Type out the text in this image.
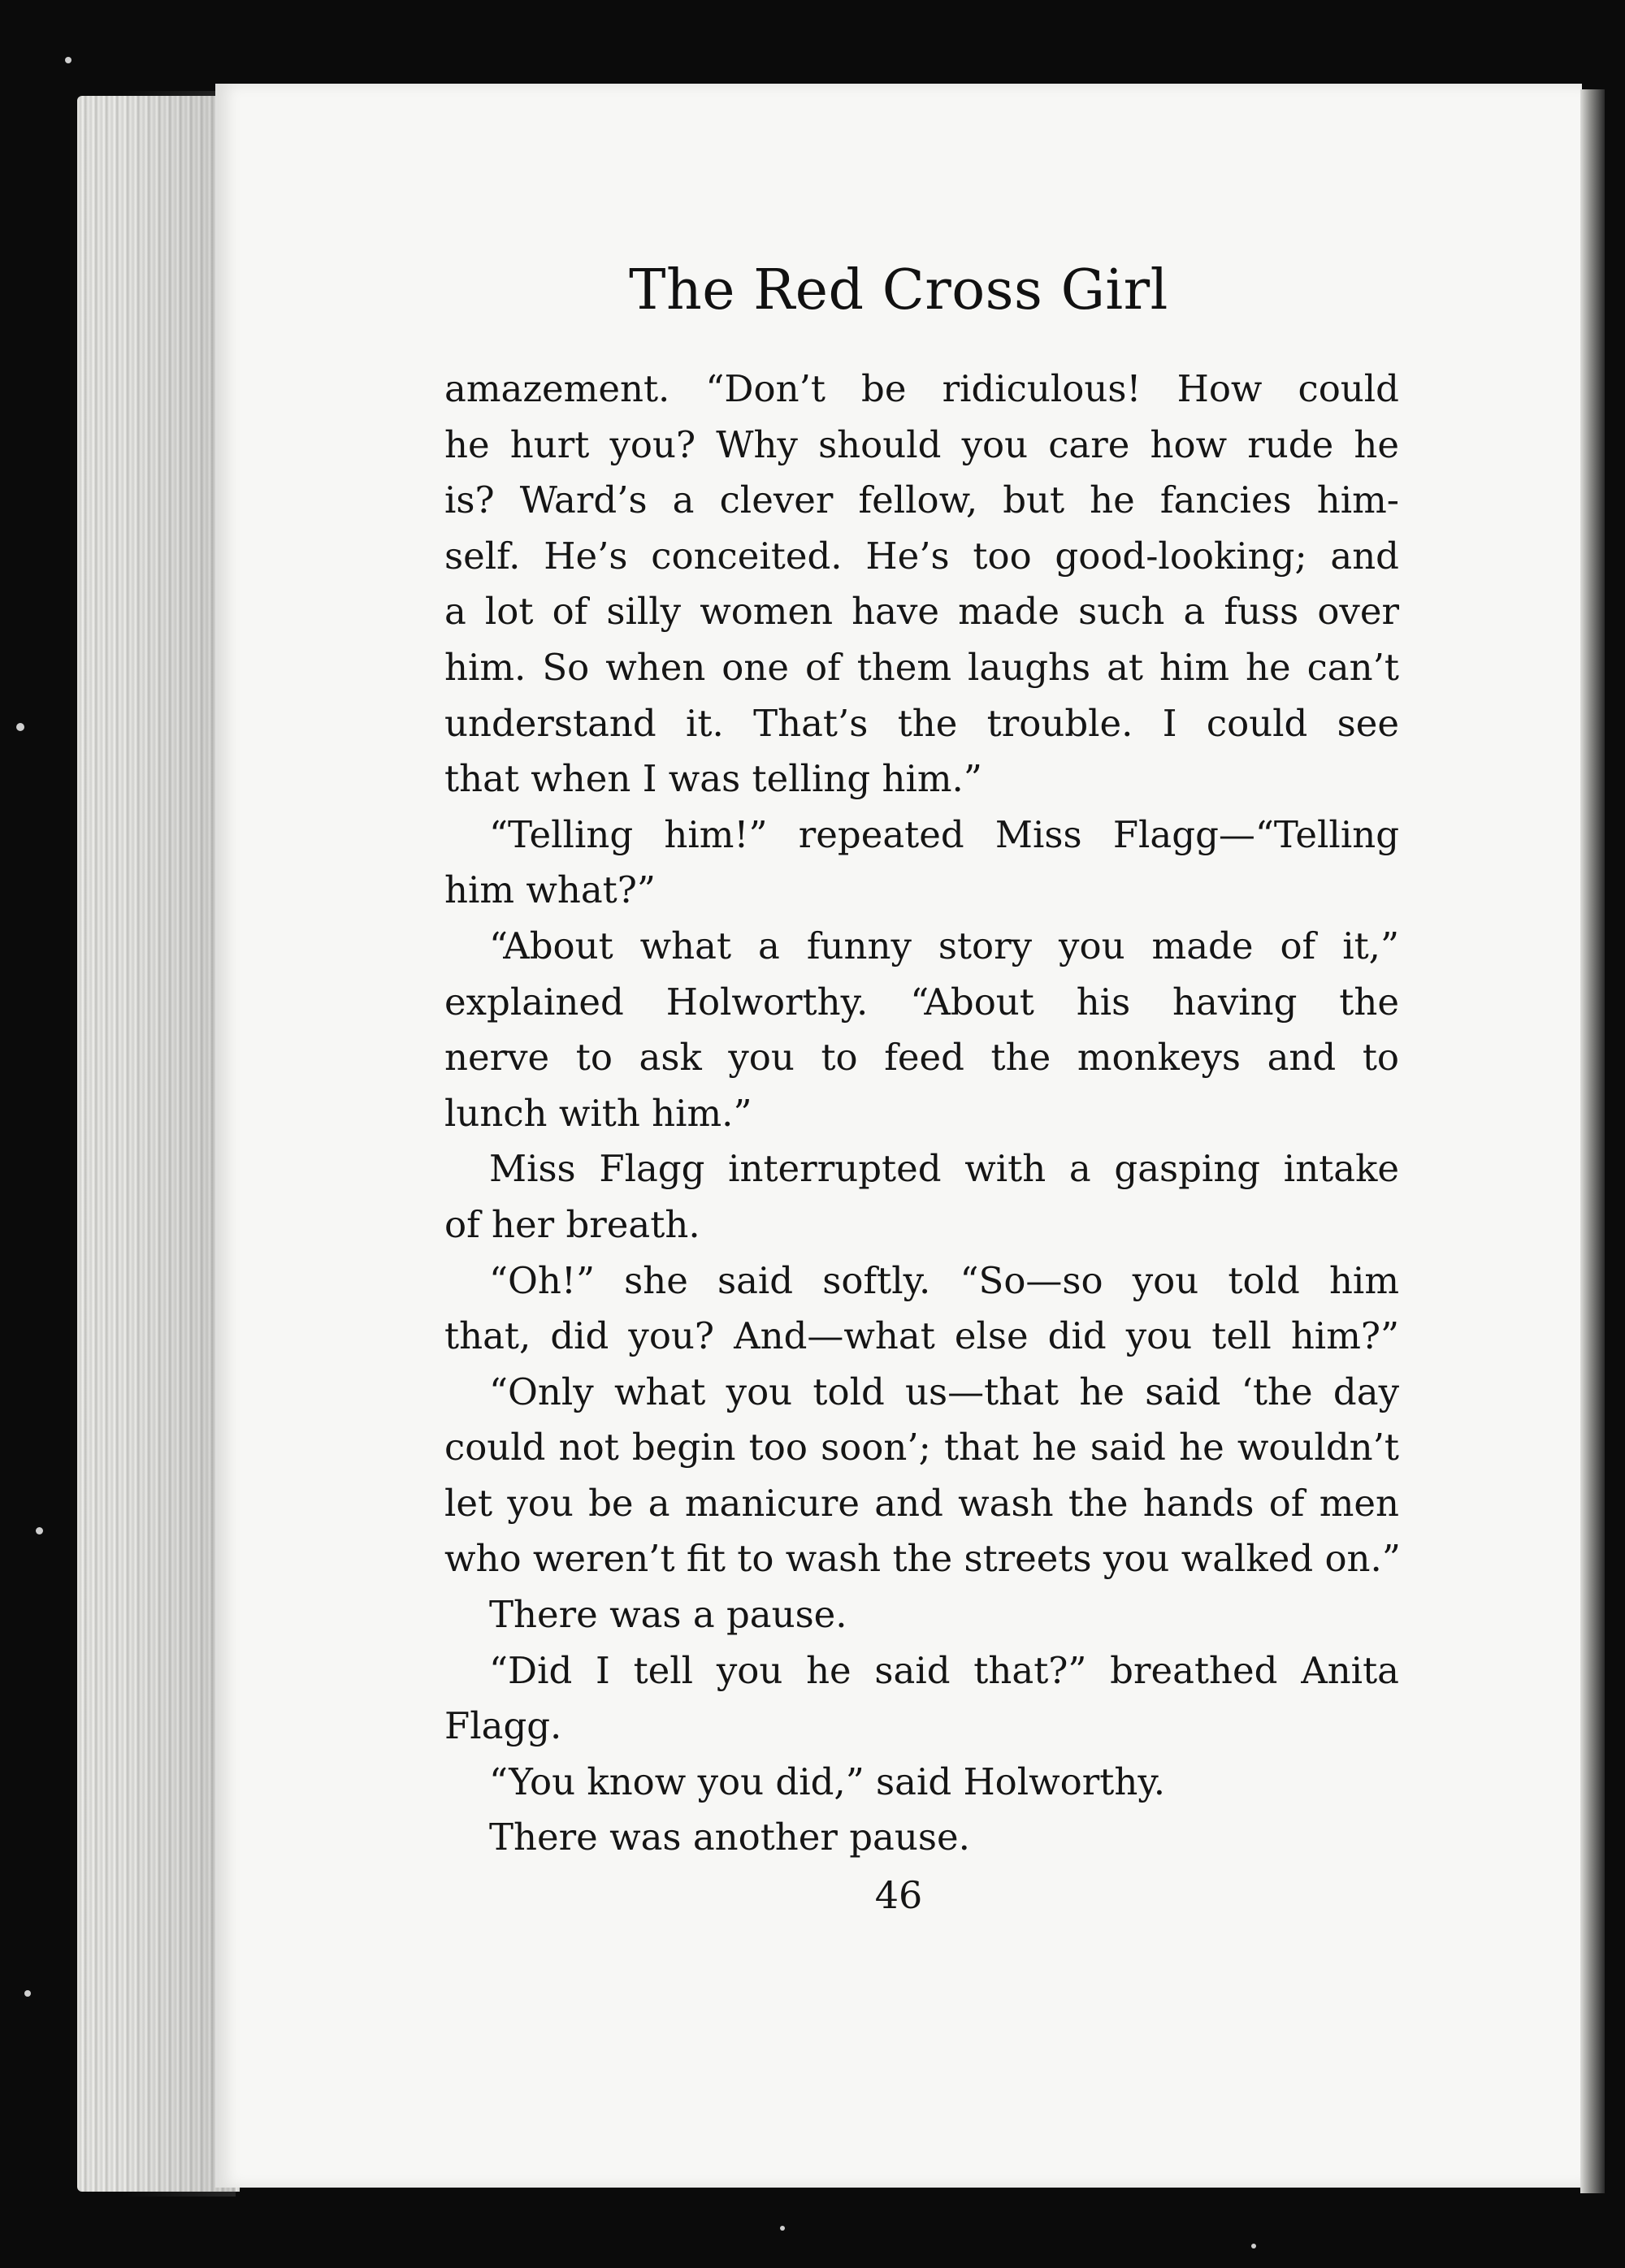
The Red Cross Girl
amazement. “Don’t be ridiculous! How could
he hurt you? Why should you care how rude he
is? Ward’s a clever fellow, but he fancies him-
self. He’s conceited. He’s too good-looking; and
a lot of silly women have made such a fuss over
him. So when one of them laughs at him he can’t
understand it. That’s the trouble. I could see
that when I was telling him.”
“Telling him!” repeated Miss Flagg—“Telling
him what?”
“About what a funny story you made of it,”
explained Holworthy. “About his having the
nerve to ask you to feed the monkeys and to
lunch with him.”
Miss Flagg interrupted with a gasping intake
of her breath.
“Oh!” she said softly. “So—so you told him
that, did you? And—what else did you tell him?”
“Only what you told us—that he said ‘the day
could not begin too soon’; that he said he wouldn’t
let you be a manicure and wash the hands of men
who weren’t fit to wash the streets you walked on.”
There was a pause.
“Did I tell you he said that?” breathed Anita
Flagg.
“You know you did,” said Holworthy.
There was another pause.
46
